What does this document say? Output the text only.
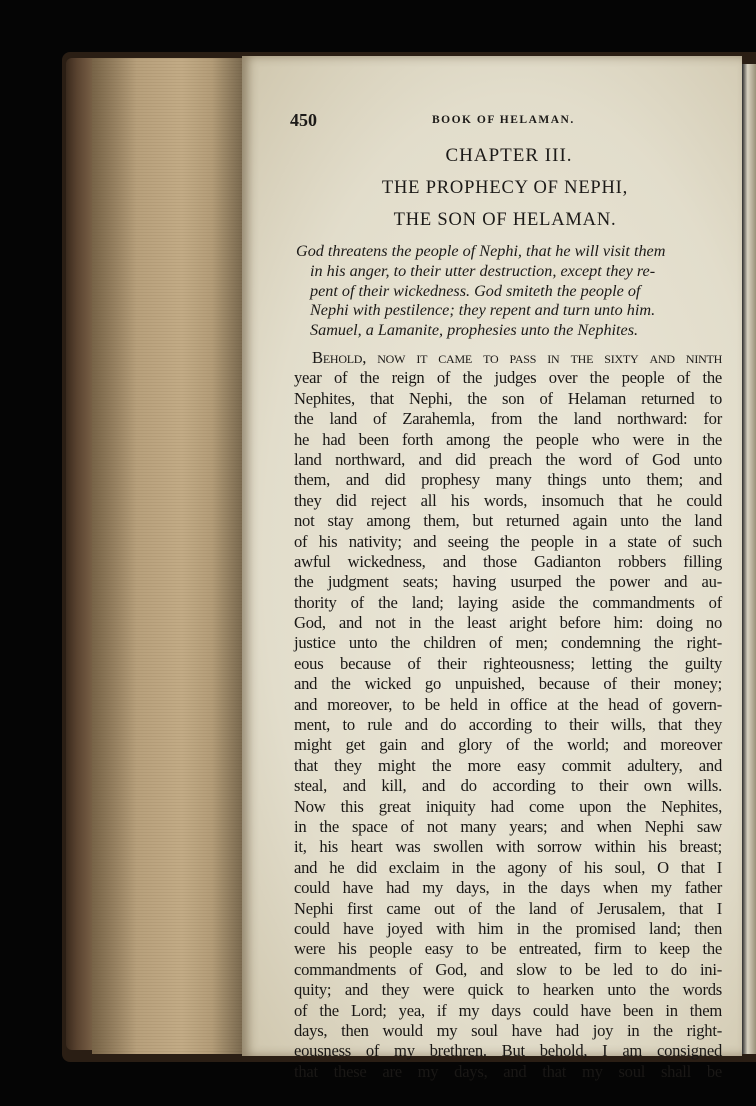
450	BOOK OF HELAMAN.
CHAPTER III.
THE PROPHECY OF NEPHI,
THE SON OF HELAMAN.
God threatens the people of Nephi, that he will visit them
in his anger, to their utter destruction, except they re-
pent of their wickedness. God smiteth the people of
Nephi with pestilence; they repent and turn unto him.
Samuel, a Lamanite, prophesies unto the Nephites.
Behold, now it came to pass in the sixty and ninth
year of the reign of the judges over the people of the
Nephites, that Nephi, the son of Helaman returned to
the land of Zarahemla, from the land northward: for
he had been forth among the people who were in the
land northward, and did preach the word of God unto
them, and did prophesy many things unto them; and
they did reject all his words, insomuch that he could
not stay among them, but returned again unto the land
of his nativity; and seeing the people in a state of such
awful wickedness, and those Gadianton robbers filling
the judgment seats; having usurped the power and au-
thority of the land; laying aside the commandments of
God, and not in the least aright before him: doing no
justice unto the children of men; condemning the right-
eous because of their righteousness; letting the guilty
and the wicked go unpuished, because of their money;
and moreover, to be held in office at the head of govern-
ment, to rule and do according to their wills, that they
might get gain and glory of the world; and moreover
that they might the more easy commit adultery, and
steal, and kill, and do according to their own wills.
Now this great iniquity had come upon the Nephites,
in the space of not many years; and when Nephi saw
it, his heart was swollen with sorrow within his breast;
and he did exclaim in the agony of his soul, O that I
could have had my days, in the days when my father
Nephi first came out of the land of Jerusalem, that I
could have joyed with him in the promised land; then
were his people easy to be entreated, firm to keep the
commandments of God, and slow to be led to do ini-
quity; and they were quick to hearken unto the words
of the Lord; yea, if my days could have been in them
days, then would my soul have had joy in the right-
eousness of my brethren. But behold, I am consigned
that these are my days, and that my soul shall be
